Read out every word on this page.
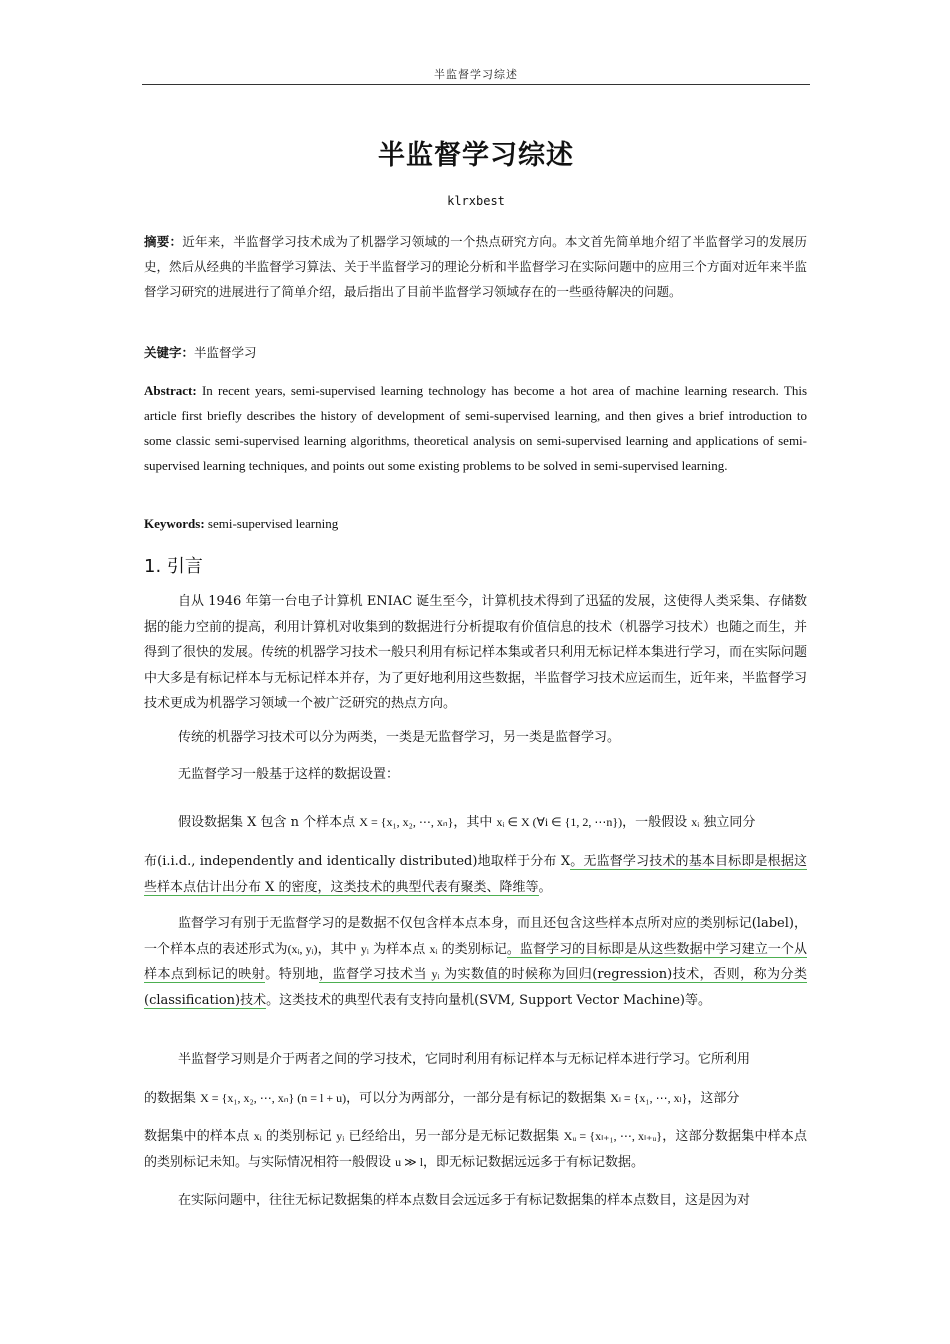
半监督学习综述
半监督学习综述
klrxbest
摘要：近年来，半监督学习技术成为了机器学习领域的一个热点研究方向。本文首先简单地介绍了半监督学习的发展历史，然后从经典的半监督学习算法、关于半监督学习的理论分析和半监督学习在实际问题中的应用三个方面对近年来半监督学习研究的进展进行了简单介绍，最后指出了目前半监督学习领域存在的一些亟待解决的问题。
关键字：半监督学习
Abstract: In recent years, semi-supervised learning technology has become a hot area of machine learning research. This article first briefly describes the history of development of semi-supervised learning, and then gives a brief introduction to some classic semi-supervised learning algorithms, theoretical analysis on semi-supervised learning and applications of semi-supervised learning techniques, and points out some existing problems to be solved in semi-supervised learning.
Keywords: semi-supervised learning
1. 引言
自从 1946 年第一台电子计算机 ENIAC 诞生至今，计算机技术得到了迅猛的发展，这使得人类采集、存储数据的能力空前的提高，利用计算机对收集到的数据进行分析提取有价值信息的技术（机器学习技术）也随之而生，并得到了很快的发展。传统的机器学习技术一般只利用有标记样本集或者只利用无标记样本集进行学习，而在实际问题中大多是有标记样本与无标记样本并存，为了更好地利用这些数据，半监督学习技术应运而生，近年来，半监督学习技术更成为机器学习领域一个被广泛研究的热点方向。
传统的机器学习技术可以分为两类，一类是无监督学习，另一类是监督学习。
无监督学习一般基于这样的数据设置：
假设数据集 X 包含 n 个样本点 X = {x₁, x₂, ⋯, xₙ}，其中 xᵢ ∈ X (∀i ∈ {1, 2, ⋯n})，一般假设 xᵢ 独立同分
布(i.i.d., independently and identically distributed)地取样于分布 X。无监督学习技术的基本目标即是根据这些样本点估计出分布 X 的密度，这类技术的典型代表有聚类、降维等。
监督学习有别于无监督学习的是数据不仅包含样本点本身，而且还包含这些样本点所对应的类别标记(label)，一个样本点的表述形式为(xᵢ, yᵢ)，其中 yᵢ 为样本点 xᵢ 的类别标记。监督学习的目标即是从这些数据中学习建立一个从样本点到标记的映射。特别地，监督学习技术当 yᵢ 为实数值的时候称为回归(regression)技术，否则，称为分类(classification)技术。这类技术的典型代表有支持向量机(SVM, Support Vector Machine)等。
半监督学习则是介于两者之间的学习技术，它同时利用有标记样本与无标记样本进行学习。它所利用
的数据集 X = {x₁, x₂, ⋯, xₙ} (n = l + u)，可以分为两部分，一部分是有标记的数据集 Xₗ = {x₁, ⋯, xₗ}，这部分
数据集中的样本点 xᵢ 的类别标记 yᵢ 已经给出，另一部分是无标记数据集 Xᵤ = {xₗ₊₁, ⋯, xₗ₊ᵤ}，这部分数据集中样本点的类别标记未知。与实际情况相符一般假设 u ≫ l，即无标记数据远远多于有标记数据。
在实际问题中，往往无标记数据集的样本点数目会远远多于有标记数据集的样本点数目，这是因为对
